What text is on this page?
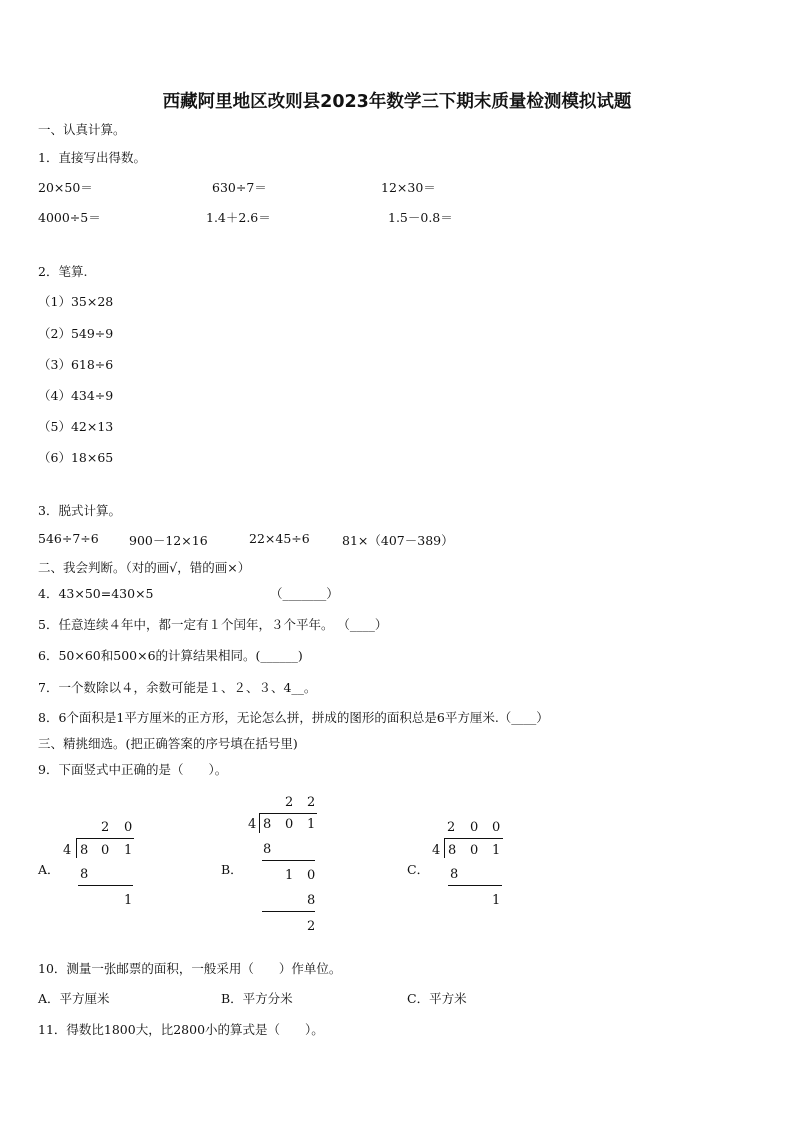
西藏阿里地区改则县2023年数学三下期末质量检测模拟试题
一、认真计算。
1．直接写出得数。
20×50＝	630÷7＝	12×30＝
4000÷5＝	1.4＋2.6＝	1.5－0.8＝
2．笔算.
（1）35×28
（2）549÷9
（3）618÷6
（4）434÷9
（5）42×13
（6）18×65
3．脱式计算。
546÷7÷6 900－12×16	22×45÷6	81×（407－389）
二、我会判断。（对的画√，错的画×）
4．43×50=430×5	（_______）
5．任意连续４年中，都一定有１个闰年，３个平年。 （____）
6．50×60和500×6的计算结果相同。(______)
7．一个数除以４，余数可能是１、２、３、4__。
8．6个面积是1平方厘米的正方形，无论怎么拼，拼成的图形的面积总是6平方厘米.（____）
三、精挑细选。(把正确答案的序号填在括号里)
9．下面竖式中正确的是（　　）。
A．
2 0
4 8 0 1
8
1
B．
2 2
4 8 0 1
8
1 0
8
2
C．
2 0 0
4 8 0 1
8
1
10．测量一张邮票的面积，一般采用（　　）作单位。
A．平方厘米	B．平方分米	C．平方米
11．得数比1800大，比2800小的算式是（　　）。
